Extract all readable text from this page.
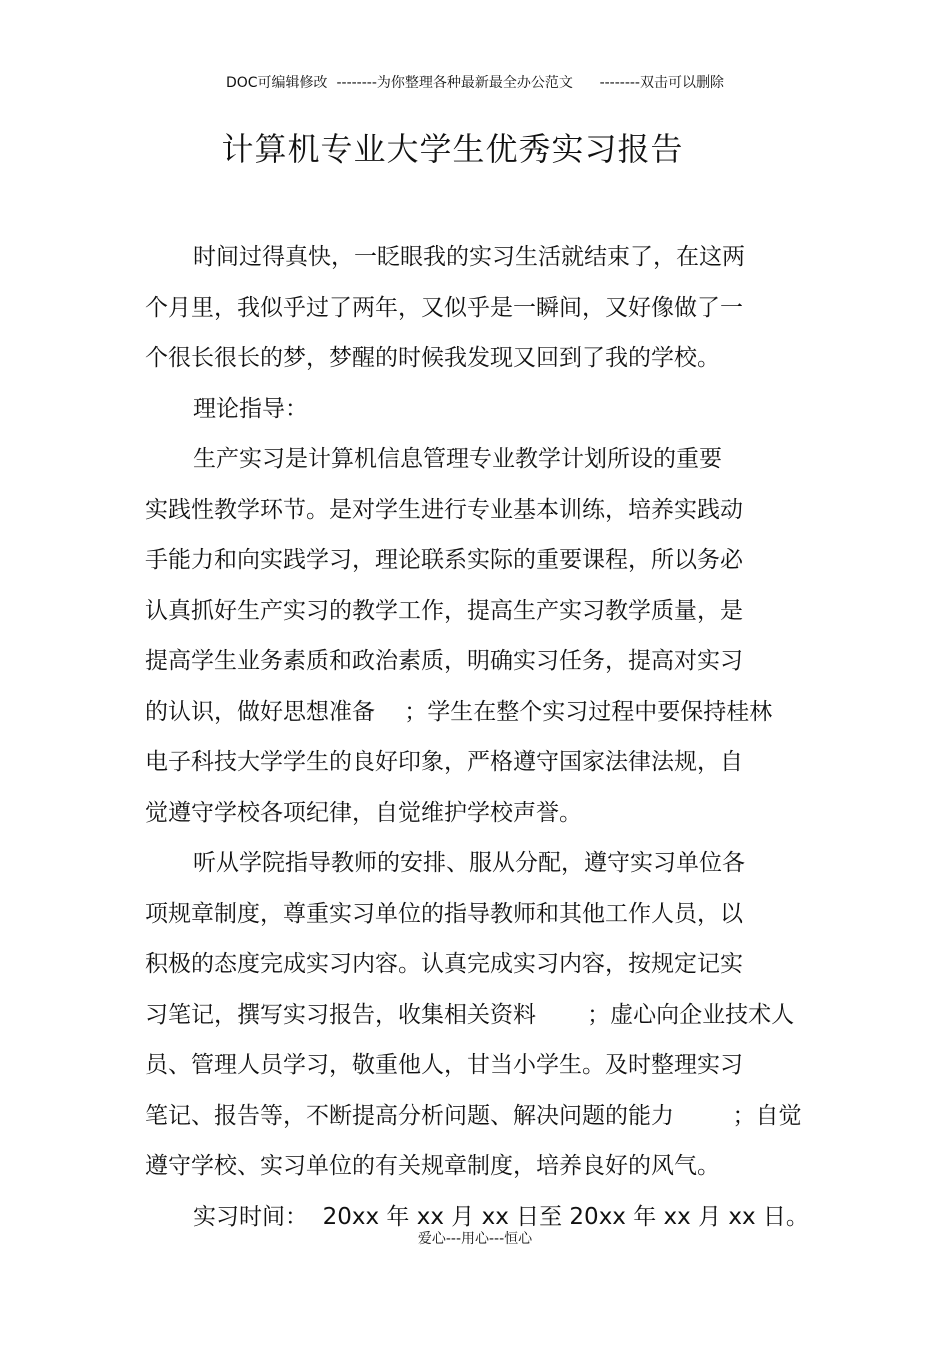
DOC可编辑修改  --------为你整理各种最新最全办公范文      --------双击可以删除
计算机专业大学生优秀实习报告
时间过得真快，一眨眼我的实习生活就结束了，在这两
个月里，我似乎过了两年，又似乎是一瞬间，又好像做了一
个很长很长的梦，梦醒的时候我发现又回到了我的学校。
理论指导：
生产实习是计算机信息管理专业教学计划所设的重要
实践性教学环节。是对学生进行专业基本训练，培养实践动
手能力和向实践学习，理论联系实际的重要课程，所以务必
认真抓好生产实习的教学工作，提高生产实习教学质量，是
提高学生业务素质和政治素质，明确实习任务，提高对实习
的认识，做好思想准备    ；学生在整个实习过程中要保持桂林
电子科技大学学生的良好印象，严格遵守国家法律法规，自
觉遵守学校各项纪律，自觉维护学校声誉。
听从学院指导教师的安排、服从分配，遵守实习单位各
项规章制度，尊重实习单位的指导教师和其他工作人员，以
积极的态度完成实习内容。认真完成实习内容，按规定记实
习笔记，撰写实习报告，收集相关资料       ；虚心向企业技术人
员、管理人员学习，敬重他人，甘当小学生。及时整理实习
笔记、报告等，不断提高分析问题、解决问题的能力        ；自觉
遵守学校、实习单位的有关规章制度，培养良好的风气。
实习时间：  20xx 年 xx 月 xx 日至 20xx 年 xx 月 xx 日。
爱心---用心---恒心
